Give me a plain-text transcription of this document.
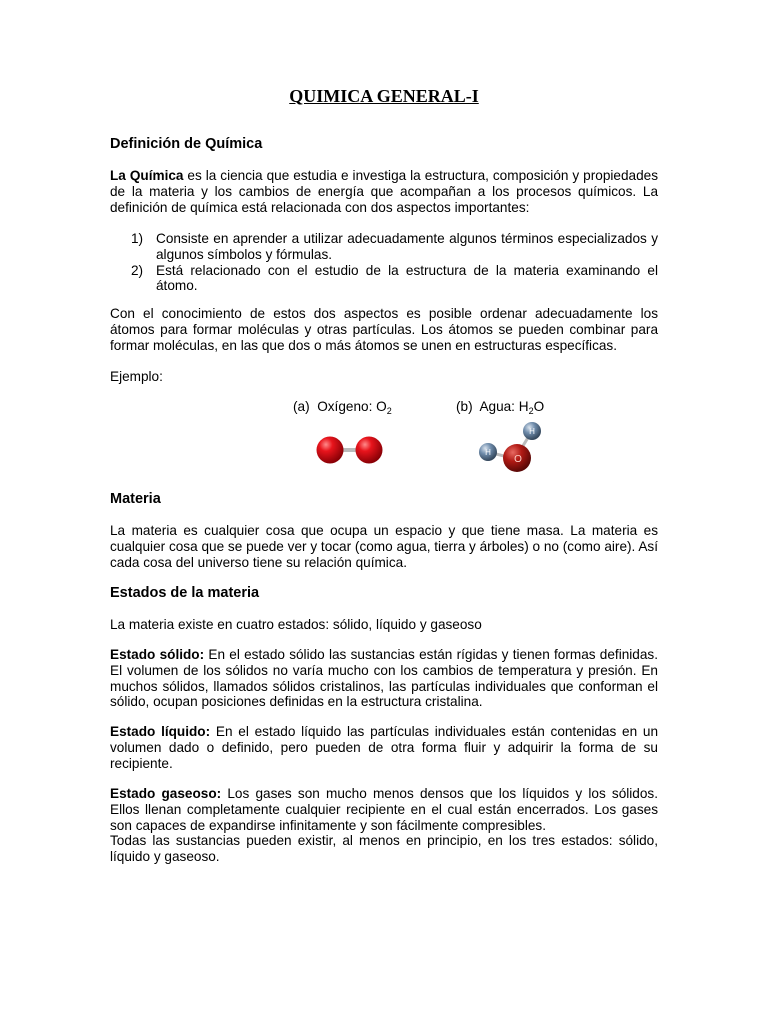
QUIMICA GENERAL-I
Definición de Química
La Química es la ciencia que estudia e investiga la estructura, composición y propiedades de la materia y los cambios de energía que acompañan a los procesos químicos. La definición de química está relacionada con dos aspectos importantes:
1) Consiste en aprender a utilizar adecuadamente algunos términos especializados y algunos símbolos y fórmulas.
2) Está relacionado con el estudio de la estructura de la materia examinando el átomo.
Con el conocimiento de estos dos aspectos es posible ordenar adecuadamente los átomos para formar moléculas y otras partículas. Los átomos se pueden combinar para formar moléculas, en las que dos o más átomos se unen en estructuras específicas.
Ejemplo:
(a) Oxígeno: $O_2$	(b) Agua: $H_2O$
H
H
O
Materia
La materia es cualquier cosa que ocupa un espacio y que tiene masa. La materia es cualquier cosa que se puede ver y tocar (como agua, tierra y árboles) o no (como aire). Así cada cosa del universo tiene su relación química.
Estados de la materia
La materia existe en cuatro estados: sólido, líquido y gaseoso
Estado sólido: En el estado sólido las sustancias están rígidas y tienen formas definidas. El volumen de los sólidos no varía mucho con los cambios de temperatura y presión. En muchos sólidos, llamados sólidos cristalinos, las partículas individuales que conforman el sólido, ocupan posiciones definidas en la estructura cristalina.
Estado líquido: En el estado líquido las partículas individuales están contenidas en un volumen dado o definido, pero pueden de otra forma fluir y adquirir la forma de su recipiente.
Estado gaseoso: Los gases son mucho menos densos que los líquidos y los sólidos. Ellos llenan completamente cualquier recipiente en el cual están encerrados. Los gases son capaces de expandirse infinitamente y son fácilmente compresibles.
Todas las sustancias pueden existir, al menos en principio, en los tres estados: sólido, líquido y gaseoso.
